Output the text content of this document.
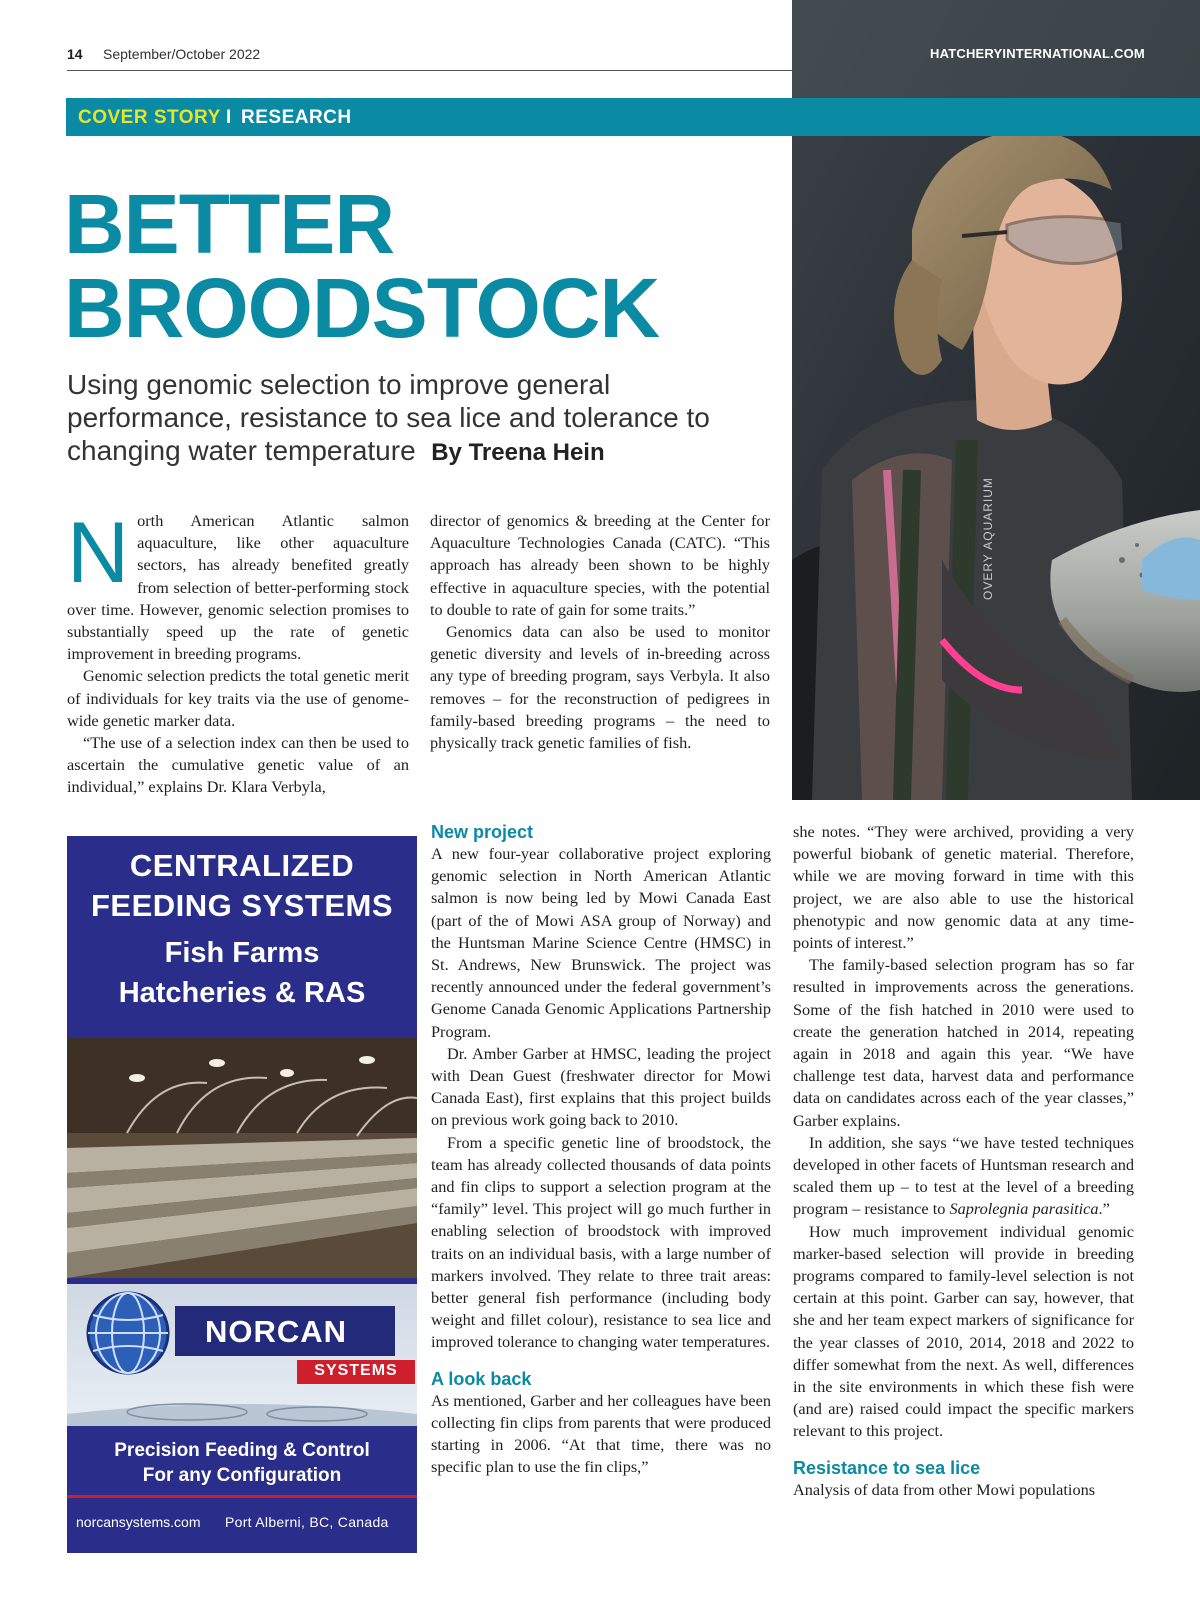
14 September/October 2022	HATCHERYINTERNATIONAL.COM
COVER STORY I RESEARCH
OVERY AQUARIUM
BETTER
BROODSTOCK
Using genomic selection to improve general performance, resistance to sea lice and tolerance to changing water temperature By Treena Hein

North American Atlantic salmon aquaculture, like other aquaculture sectors, has already benefited greatly from selection of better-performing stock over time. However, genomic selection promises to substantially speed up the rate of genetic improvement in breeding programs.

Genomic selection predicts the total genetic merit of individuals for key traits via the use of genome-wide genetic marker data.

“The use of a selection index can then be used to ascertain the cumulative genetic value of an individual,” explains Dr. Klara Verbyla,

director of genomics & breeding at the Center for Aquaculture Technologies Canada (CATC). “This approach has already been shown to be highly effective in aquaculture species, with the potential to double to rate of gain for some traits.”

Genomics data can also be used to monitor genetic diversity and levels of in-breeding across any type of breeding program, says Verbyla. It also removes – for the reconstruction of pedigrees in family-based breeding programs – the need to physically track genetic families of fish.

New project

A new four-year collaborative project exploring genomic selection in North American Atlantic salmon is now being led by Mowi Canada East (part of the of Mowi ASA group of Norway) and the Huntsman Marine Science Centre (HMSC) in St. Andrews, New Brunswick. The project was recently announced under the federal government’s Genome Canada Genomic Applications Partnership Program.

Dr. Amber Garber at HMSC, leading the project with Dean Guest (freshwater director for Mowi Canada East), first explains that this project builds on previous work going back to 2010.

From a specific genetic line of broodstock, the team has already collected thousands of data points and fin clips to support a selection program at the “family” level. This project will go much further in enabling selection of broodstock with improved traits on an individual basis, with a large number of markers involved. They relate to three trait areas: better general fish performance (including body weight and fillet colour), resistance to sea lice and improved tolerance to changing water temperatures.

A look back

As mentioned, Garber and her colleagues have been collecting fin clips from parents that were produced starting in 2006. “At that time, there was no specific plan to use the fin clips,”

she notes. “They were archived, providing a very powerful biobank of genetic material. Therefore, while we are moving forward in time with this project, we are also able to use the historical phenotypic and now genomic data at any time-points of interest.”

The family-based selection program has so far resulted in improvements across the generations. Some of the fish hatched in 2010 were used to create the generation hatched in 2014, repeating again in 2018 and again this year. “We have challenge test data, harvest data and performance data on candidates across each of the year classes,” Garber explains.

In addition, she says “we have tested techniques developed in other facets of Huntsman research and scaled them up – to test at the level of a breeding program – resistance to Saprolegnia parasitica.”

How much improvement individual genomic marker-based selection will provide in breeding programs compared to family-level selection is not certain at this point. Garber can say, however, that she and her team expect markers of significance for the year classes of 2010, 2014, 2018 and 2022 to differ somewhat from the next. As well, differences in the site environments in which these fish were (and are) raised could impact the specific markers relevant to this project.

Resistance to sea lice

Analysis of data from other Mowi populations

CENTRALIZED
FEEDING SYSTEMS
Fish Farms
Hatcheries & RAS
NORCAN
SYSTEMS
Precision Feeding & Control
For any Configuration
norcansystems.com Port Alberni, BC, Canada
